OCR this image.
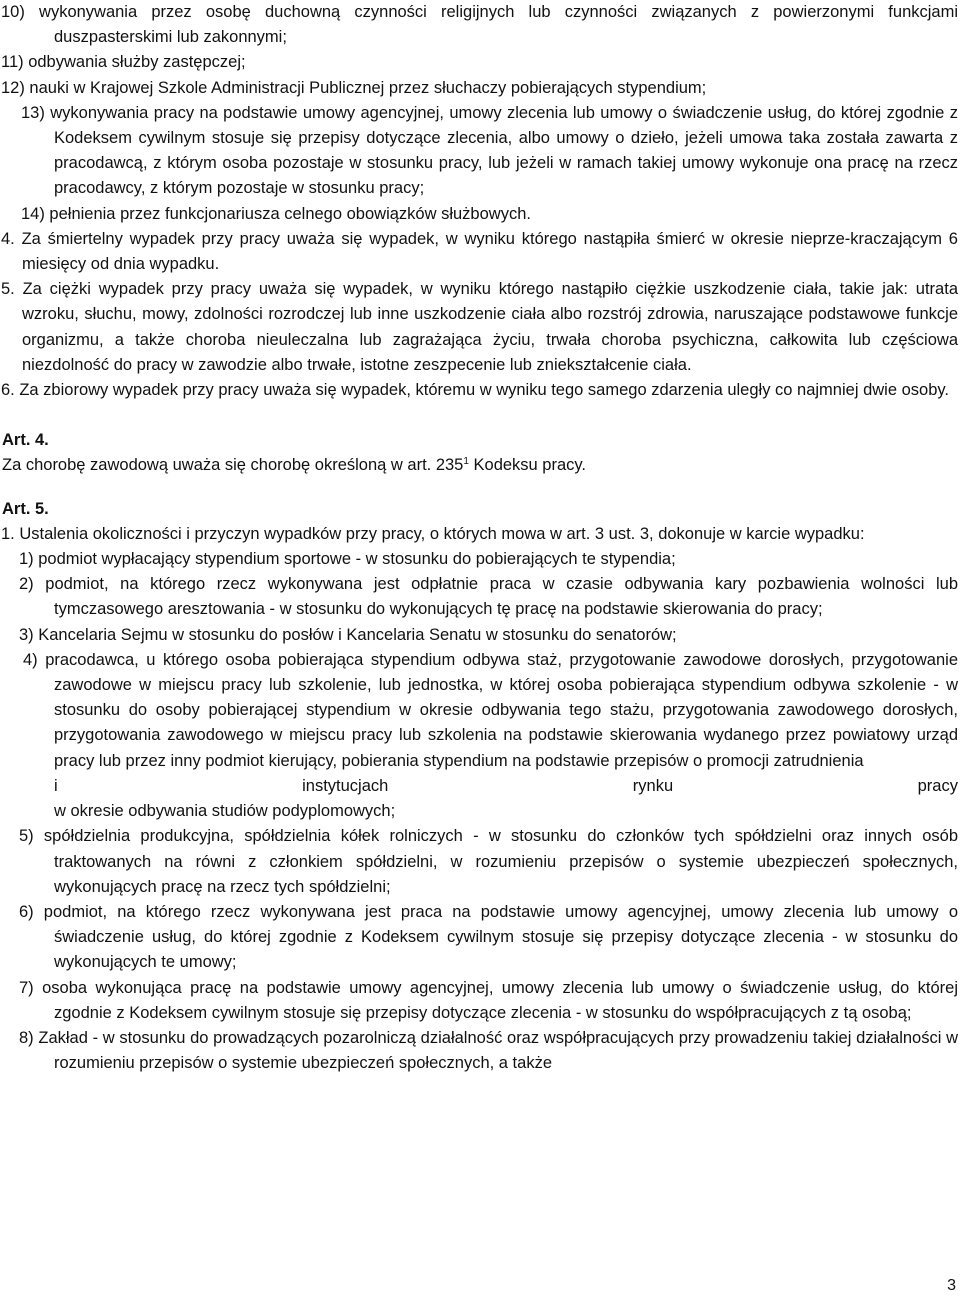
10) wykonywania przez osobę duchowną czynności religijnych lub czynności związanych z powierzonymi funkcjami duszpasterskimi lub zakonnymi;

11) odbywania służby zastępczej;

12) nauki w Krajowej Szkole Administracji Publicznej przez słuchaczy pobierających stypendium;

13) wykonywania pracy na podstawie umowy agencyjnej, umowy zlecenia lub umowy o świadczenie usług, do której zgodnie z Kodeksem cywilnym stosuje się przepisy dotyczące zlecenia, albo umowy o dzieło, jeżeli umowa taka została zawarta z pracodawcą, z którym osoba pozostaje w stosunku pracy, lub jeżeli w ramach takiej umowy wykonuje ona pracę na rzecz pracodawcy, z którym pozostaje w stosunku pracy;

14) pełnienia przez funkcjonariusza celnego obowiązków służbowych.

4. Za śmiertelny wypadek przy pracy uważa się wypadek, w wyniku którego nastąpiła śmierć w okresie nieprze-kraczającym 6 miesięcy od dnia wypadku.

5. Za ciężki wypadek przy pracy uważa się wypadek, w wyniku którego nastąpiło ciężkie uszkodzenie ciała, takie jak: utrata wzroku, słuchu, mowy, zdolności rozrodczej lub inne uszkodzenie ciała albo rozstrój zdrowia, naruszające podstawowe funkcje organizmu, a także choroba nieuleczalna lub zagrażająca życiu, trwała choroba psychiczna, całkowita lub częściowa niezdolność do pracy w zawodzie albo trwałe, istotne zeszpecenie lub zniekształcenie ciała.

6. Za zbiorowy wypadek przy pracy uważa się wypadek, któremu w wyniku tego samego zdarzenia uległy co najmniej dwie osoby.

Art. 4.

Za chorobę zawodową uważa się chorobę określoną w art. $235^1$ Kodeksu pracy.

Art. 5.

1. Ustalenia okoliczności i przyczyn wypadków przy pracy, o których mowa w art. 3 ust. 3, dokonuje w karcie wypadku:

1) podmiot wypłacający stypendium sportowe - w stosunku do pobierających te stypendia;

2) podmiot, na którego rzecz wykonywana jest odpłatnie praca w czasie odbywania kary pozbawienia wolności lub tymczasowego aresztowania - w stosunku do wykonujących tę pracę na podstawie skierowania do pracy;

3) Kancelaria Sejmu w stosunku do posłów i Kancelaria Senatu w stosunku do senatorów;

4) pracodawca, u którego osoba pobierająca stypendium odbywa staż, przygotowanie zawodowe dorosłych, przygotowanie zawodowe w miejscu pracy lub szkolenie, lub jednostka, w której osoba pobierająca stypendium odbywa szkolenie - w stosunku do osoby pobierającej stypendium w okresie odbywania tego stażu, przygotowania zawodowego dorosłych, przygotowania zawodowego w miejscu pracy lub szkolenia na podstawie skierowania wydanego przez powiatowy urząd pracy lub przez inny podmiot kierujący, pobierania stypendium na podstawie przepisów o promocji zatrudnienia

i	instytucjach	rynku	pracy

w okresie odbywania studiów podyplomowych;

5) spółdzielnia produkcyjna, spółdzielnia kółek rolniczych - w stosunku do członków tych spółdzielni oraz innych osób traktowanych na równi z członkiem spółdzielni, w rozumieniu przepisów o systemie ubezpieczeń społecznych, wykonujących pracę na rzecz tych spółdzielni;

6) podmiot, na którego rzecz wykonywana jest praca na podstawie umowy agencyjnej, umowy zlecenia lub umowy o świadczenie usług, do której zgodnie z Kodeksem cywilnym stosuje się przepisy dotyczące zlecenia - w stosunku do wykonujących te umowy;

7) osoba wykonująca pracę na podstawie umowy agencyjnej, umowy zlecenia lub umowy o świadczenie usług, do której zgodnie z Kodeksem cywilnym stosuje się przepisy dotyczące zlecenia - w stosunku do współpracujących z tą osobą;

8) Zakład - w stosunku do prowadzących pozarolniczą działalność oraz współpracujących przy prowadzeniu takiej działalności w rozumieniu przepisów o systemie ubezpieczeń społecznych, a także

3
